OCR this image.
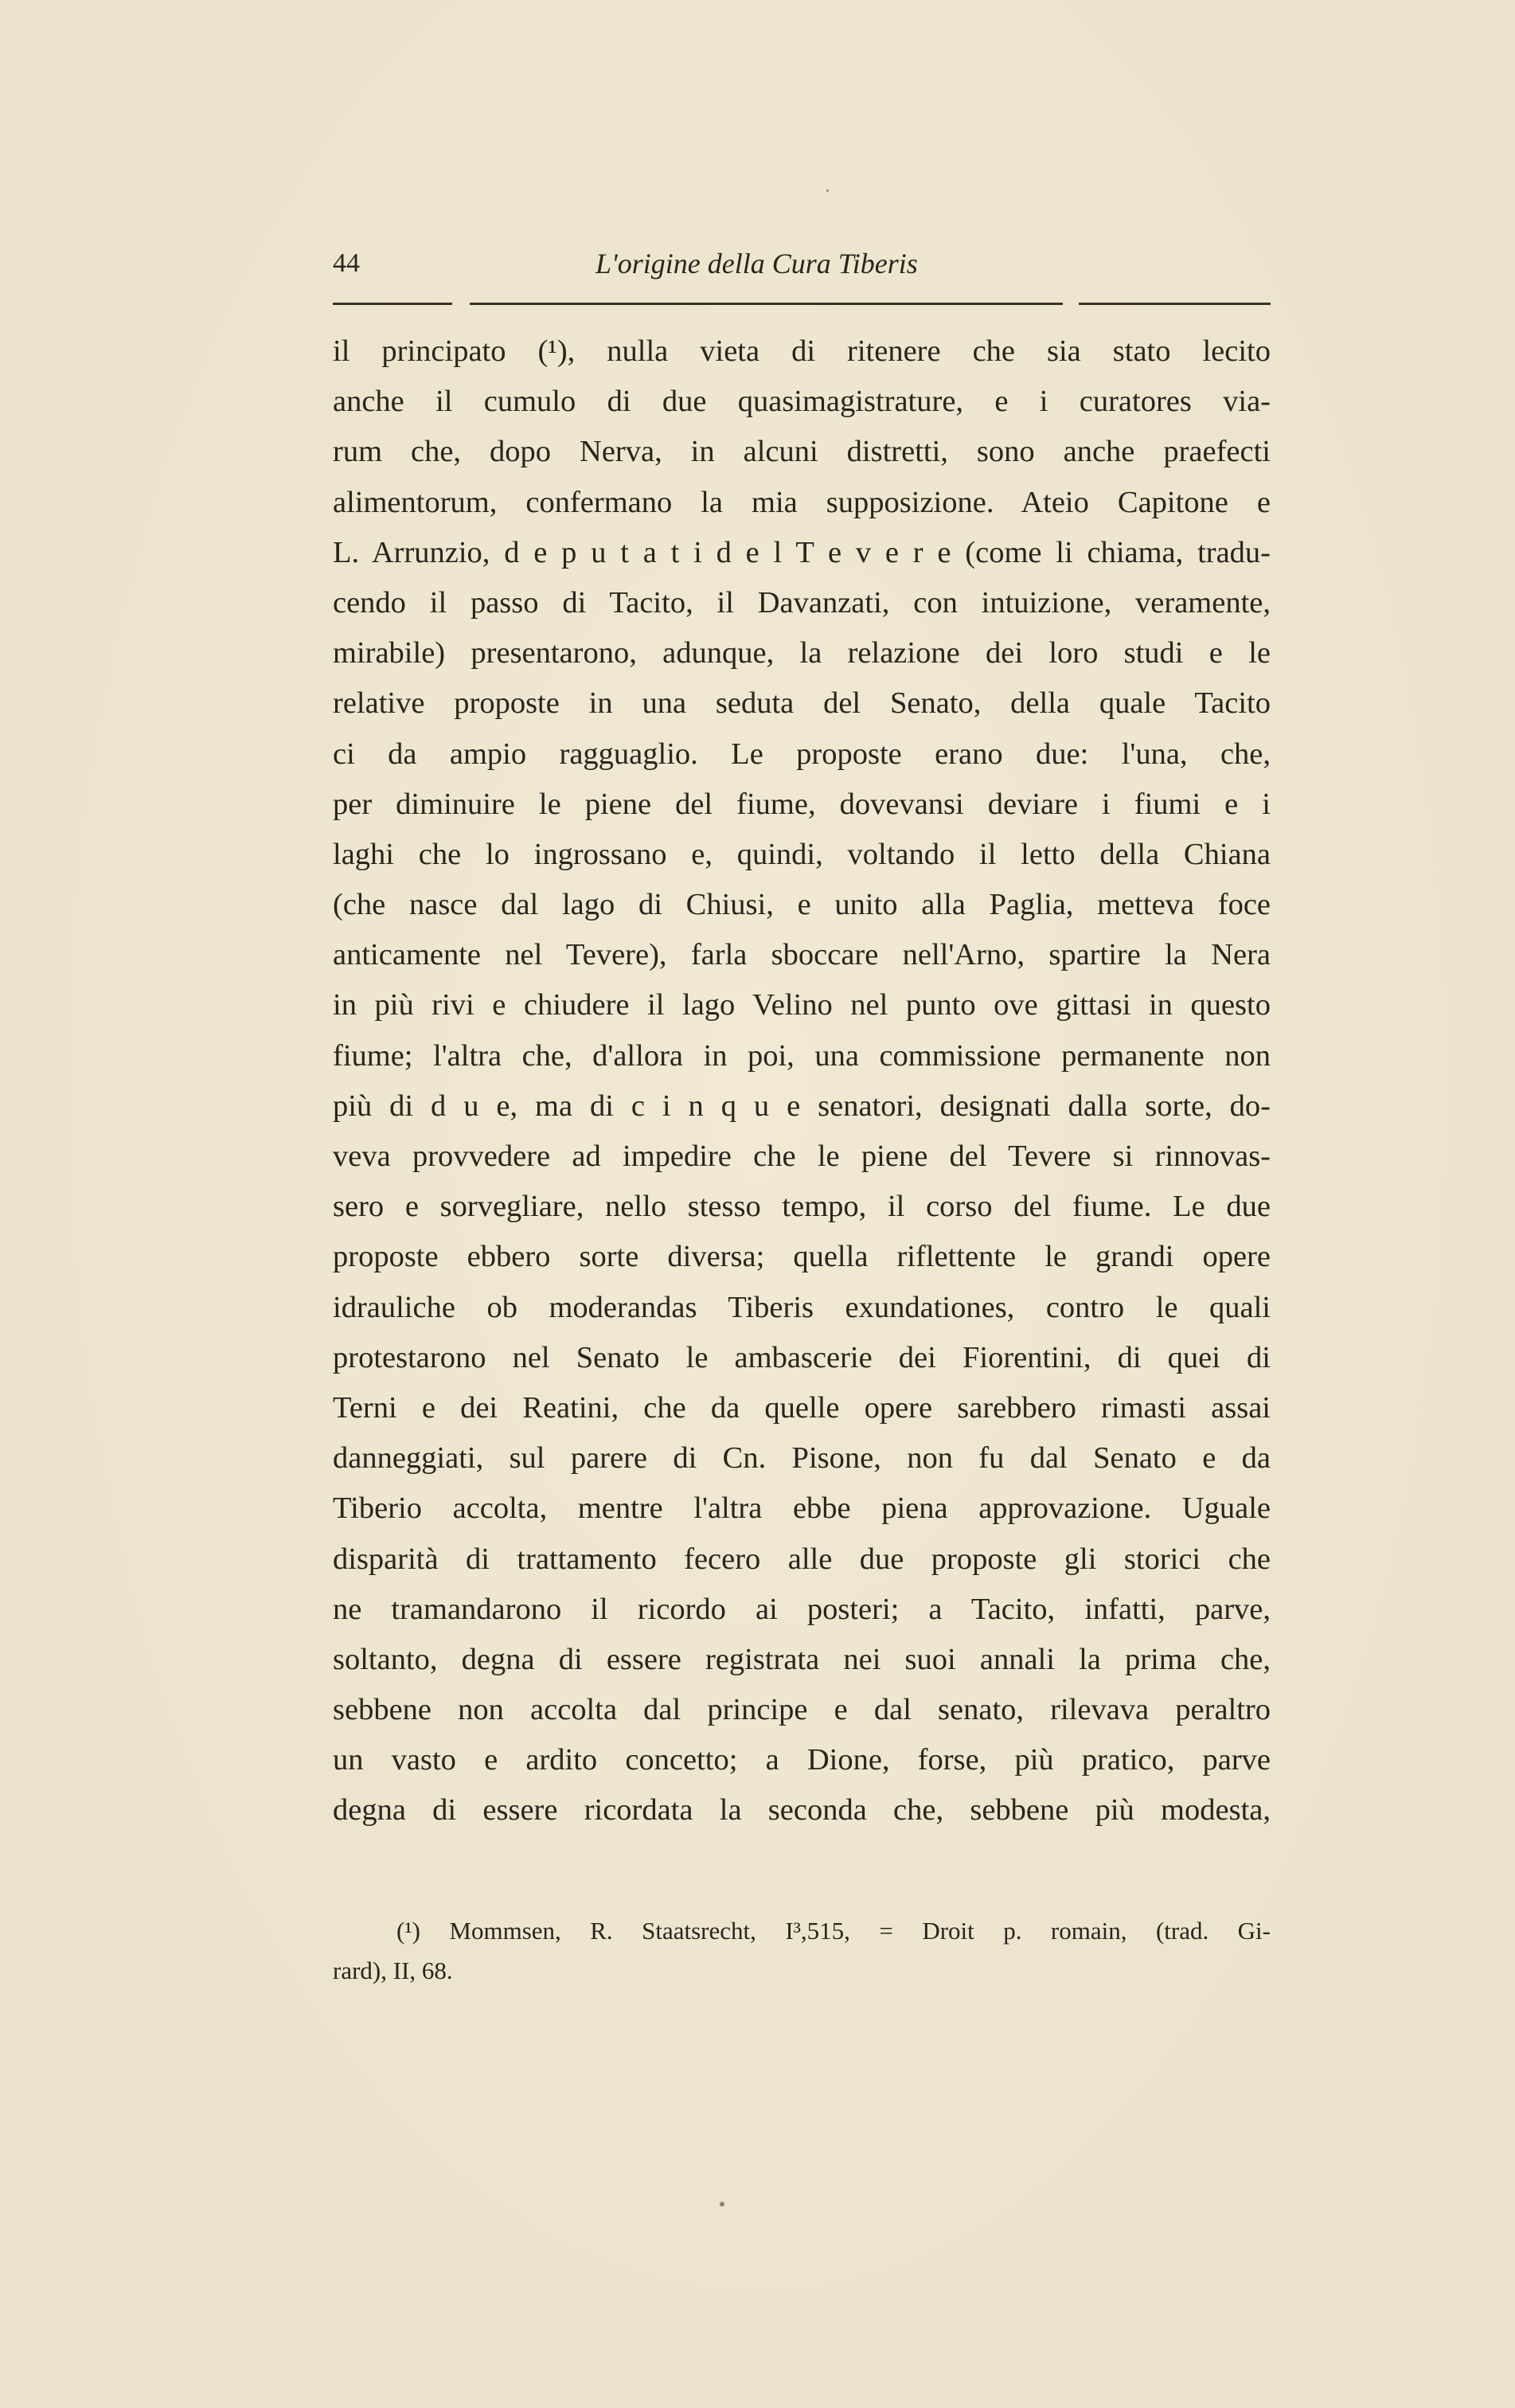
44	L'origine della Cura Tiberis
il principato (¹), nulla vieta di ritenere che sia stato lecito
anche il cumulo di due quasimagistrature, e i curatores via-
rum che, dopo Nerva, in alcuni distretti, sono anche praefecti
alimentorum, confermano la mia supposizione. Ateio Capitone e
L. Arrunzio, d e p u t a t i d e l T e v e r e (come li chiama, tradu-
cendo il passo di Tacito, il Davanzati, con intuizione, veramente,
mirabile) presentarono, adunque, la relazione dei loro studi e le
relative proposte in una seduta del Senato, della quale Tacito
ci da ampio ragguaglio. Le proposte erano due: l'una, che,
per diminuire le piene del fiume, dovevansi deviare i fiumi e i
laghi che lo ingrossano e, quindi, voltando il letto della Chiana
(che nasce dal lago di Chiusi, e unito alla Paglia, metteva foce
anticamente nel Tevere), farla sboccare nell'Arno, spartire la Nera
in più rivi e chiudere il lago Velino nel punto ove gittasi in questo
fiume; l'altra che, d'allora in poi, una commissione permanente non
più di d u e, ma di c i n q u e senatori, designati dalla sorte, do-
veva provvedere ad impedire che le piene del Tevere si rinnovas-
sero e sorvegliare, nello stesso tempo, il corso del fiume. Le due
proposte ebbero sorte diversa; quella riflettente le grandi opere
idrauliche ob moderandas Tiberis exundationes, contro le quali
protestarono nel Senato le ambascerie dei Fiorentini, di quei di
Terni e dei Reatini, che da quelle opere sarebbero rimasti assai
danneggiati, sul parere di Cn. Pisone, non fu dal Senato e da
Tiberio accolta, mentre l'altra ebbe piena approvazione. Uguale
disparità di trattamento fecero alle due proposte gli storici che
ne tramandarono il ricordo ai posteri; a Tacito, infatti, parve,
soltanto, degna di essere registrata nei suoi annali la prima che,
sebbene non accolta dal principe e dal senato, rilevava peraltro
un vasto e ardito concetto; a Dione, forse, più pratico, parve
degna di essere ricordata la seconda che, sebbene più modesta,
(¹) Mommsen, R. Staatsrecht, I³,515, = Droit p. romain, (trad. Gi-
rard), II, 68.
